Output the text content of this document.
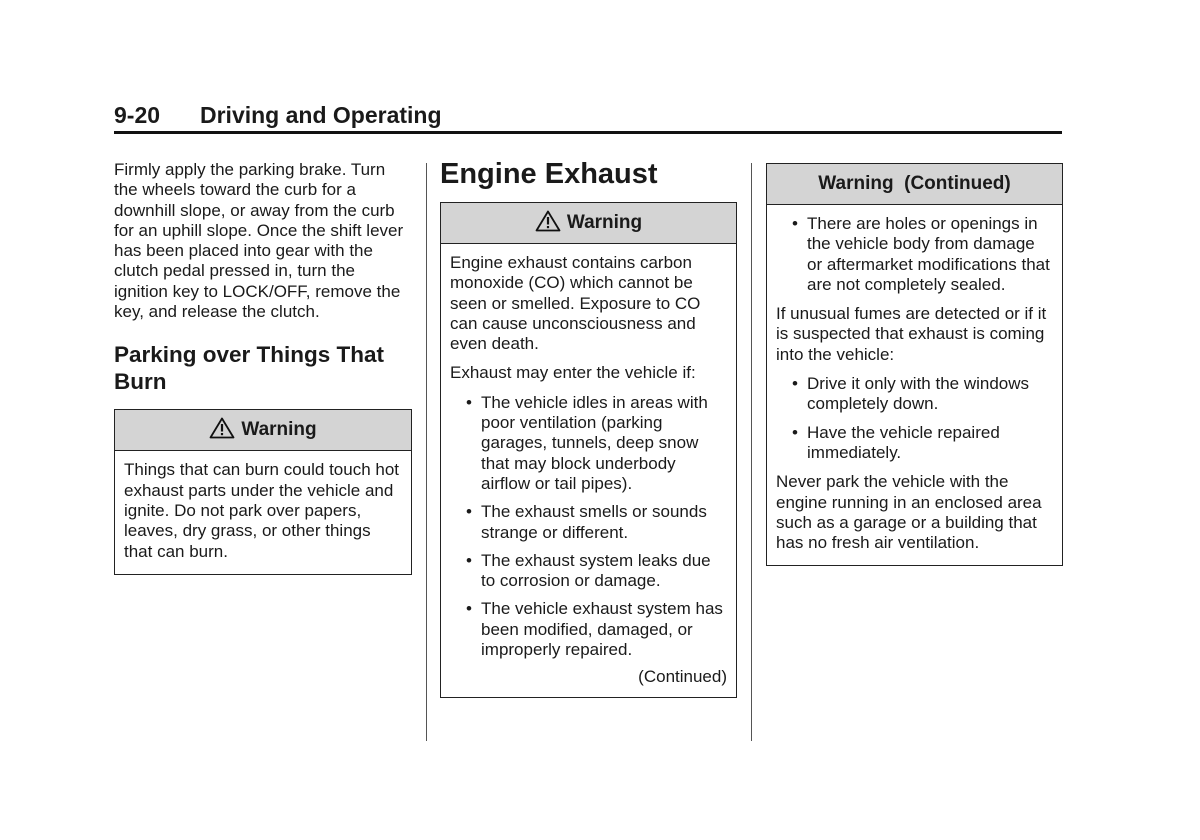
9-20 Driving and Operating

Firmly apply the parking brake. Turn the wheels toward the curb for a downhill slope, or away from the curb for an uphill slope. Once the shift lever has been placed into gear with the clutch pedal pressed in, turn the ignition key to LOCK/OFF, remove the key, and release the clutch.

Parking over Things That Burn
Warning

Things that can burn could touch hot exhaust parts under the vehicle and ignite. Do not park over papers, leaves, dry grass, or other things that can burn.

Engine Exhaust
Warning

Engine exhaust contains carbon monoxide (CO) which cannot be seen or smelled. Exposure to CO can cause unconsciousness and even death.

Exhaust may enter the vehicle if:

• The vehicle idles in areas with poor ventilation (parking garages, tunnels, deep snow that may block underbody airflow or tail pipes).
• The exhaust smells or sounds strange or different.
• The exhaust system leaks due to corrosion or damage.
• The vehicle exhaust system has been modified, damaged, or improperly repaired.
(Continued)
Warning  (Continued)
• There are holes or openings in the vehicle body from damage or aftermarket modifications that are not completely sealed.

If unusual fumes are detected or if it is suspected that exhaust is coming into the vehicle:

• Drive it only with the windows completely down.
• Have the vehicle repaired immediately.

Never park the vehicle with the engine running in an enclosed area such as a garage or a building that has no fresh air ventilation.
